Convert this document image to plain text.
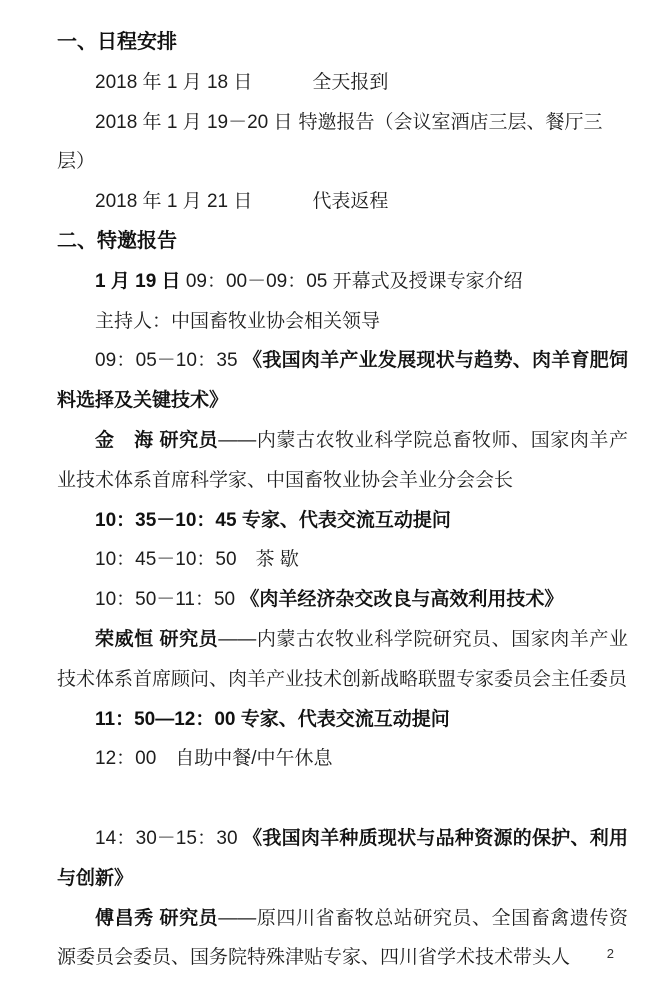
一、日程安排

2018 年 1 月 18 日	全天报到

2018 年 1 月 19－20 日 特邀报告（会议室酒店三层、餐厅三层）

2018 年 1 月 21 日	代表返程

二、特邀报告

1 月 19 日 09：00－09：05 开幕式及授课专家介绍

主持人：中国畜牧业协会相关领导

09：05－10：35 《我国肉羊产业发展现状与趋势、肉羊育肥饲料选择及关键技术》

金　海 研究员——内蒙古农牧业科学院总畜牧师、国家肉羊产业技术体系首席科学家、中国畜牧业协会羊业分会会长

10：35－10：45 专家、代表交流互动提问

10：45－10：50　茶 歇

10：50－11：50 《肉羊经济杂交改良与高效利用技术》

荣威恒 研究员——内蒙古农牧业科学院研究员、国家肉羊产业技术体系首席顾问、肉羊产业技术创新战略联盟专家委员会主任委员

11：50—12：00 专家、代表交流互动提问

12：00　自助中餐/中午休息

14：30－15：30 《我国肉羊种质现状与品种资源的保护、利用与创新》

傅昌秀 研究员——原四川省畜牧总站研究员、全国畜禽遗传资源委员会委员、国务院特殊津贴专家、四川省学术技术带头人	2
